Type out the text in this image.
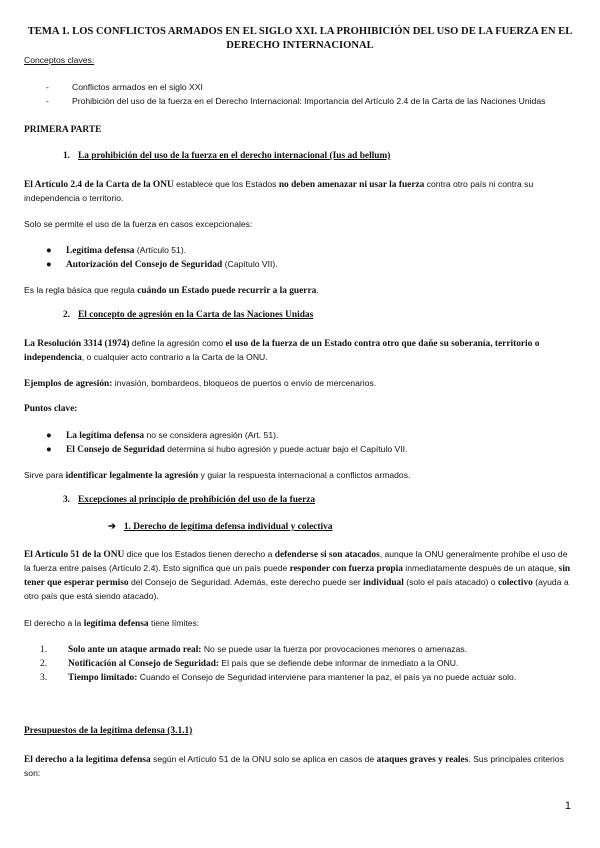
TEMA 1. LOS CONFLICTOS ARMADOS EN EL SIGLO XXI. LA PROHIBICIÓN DEL USO DE LA FUERZA EN EL DERECHO INTERNACIONAL
Conceptos claves:
-	Conflictos armados en el siglo XXI
-	Prohibición del uso de la fuerza en el Derecho Internacional: Importancia del Artículo 2.4 de la Carta de las Naciones Unidas
PRIMERA PARTE
1. La prohibición del uso de la fuerza en el derecho internacional (Ius ad bellum)
El Artículo 2.4 de la Carta de la ONU establece que los Estados no deben amenazar ni usar la fuerza contra otro país ni contra su independencia o territorio.
Solo se permite el uso de la fuerza en casos excepcionales:
● Legítima defensa (Artículo 51).
● Autorización del Consejo de Seguridad (Capítulo VII).
Es la regla básica que regula cuándo un Estado puede recurrir a la guerra.
2. El concepto de agresión en la Carta de las Naciones Unidas
La Resolución 3314 (1974) define la agresión como el uso de la fuerza de un Estado contra otro que dañe su soberanía, territorio o independencia, o cualquier acto contrario a la Carta de la ONU.
Ejemplos de agresión: invasión, bombardeos, bloqueos de puertos o envío de mercenarios.
Puntos clave:
● La legítima defensa no se considera agresión (Art. 51).
● El Consejo de Seguridad determina si hubo agresión y puede actuar bajo el Capítulo VII.
Sirve para identificar legalmente la agresión y guiar la respuesta internacional a conflictos armados.
3. Excepciones al principio de prohibición del uso de la fuerza
➔ 1. Derecho de legítima defensa individual y colectiva
El Artículo 51 de la ONU dice que los Estados tienen derecho a defenderse si son atacados, aunque la ONU generalmente prohíbe el uso de la fuerza entre países (Artículo 2.4). Esto significa que un país puede responder con fuerza propia inmediatamente después de un ataque, sin tener que esperar permiso del Consejo de Seguridad. Además, este derecho puede ser individual (solo el país atacado) o colectivo (ayuda a otro país que está siendo atacado).
El derecho a la legítima defensa tiene límites:
1. Solo ante un ataque armado real: No se puede usar la fuerza por provocaciones menores o amenazas.
2. Notificación al Consejo de Seguridad: El país que se defiende debe informar de inmediato a la ONU.
3. Tiempo limitado: Cuando el Consejo de Seguridad interviene para mantener la paz, el país ya no puede actuar solo.
Presupuestos de la legítima defensa (3.1.1)
El derecho a la legítima defensa según el Artículo 51 de la ONU solo se aplica en casos de ataques graves y reales. Sus principales criterios son:
1
